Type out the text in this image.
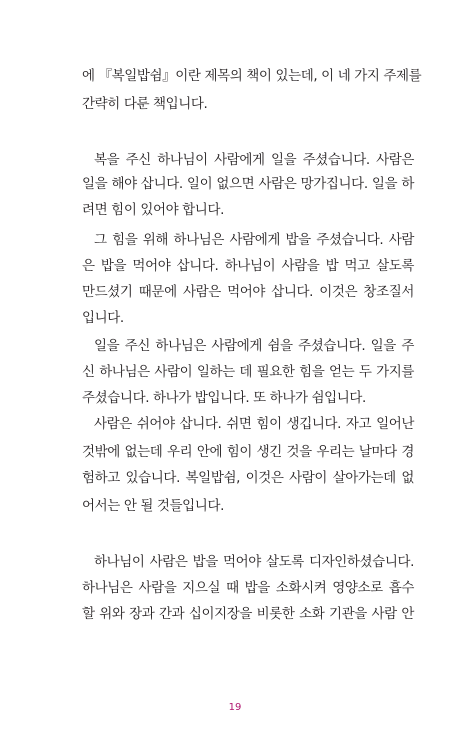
에 『복일밥쉼』이란 제목의 책이 있는데, 이 네 가지 주제를
간략히 다룬 책입니다.
복을 주신 하나님이 사람에게 일을 주셨습니다. 사람은
일을 해야 삽니다. 일이 없으면 사람은 망가집니다. 일을 하
려면 힘이 있어야 합니다.
그 힘을 위해 하나님은 사람에게 밥을 주셨습니다. 사람
은 밥을 먹어야 삽니다. 하나님이 사람을 밥 먹고 살도록
만드셨기 때문에 사람은 먹어야 삽니다. 이것은 창조질서
입니다.
일을 주신 하나님은 사람에게 쉼을 주셨습니다. 일을 주
신 하나님은 사람이 일하는 데 필요한 힘을 얻는 두 가지를
주셨습니다. 하나가 밥입니다. 또 하나가 쉼입니다.
사람은 쉬어야 삽니다. 쉬면 힘이 생깁니다. 자고 일어난
것밖에 없는데 우리 안에 힘이 생긴 것을 우리는 날마다 경
험하고 있습니다. 복일밥쉼, 이것은 사람이 살아가는데 없
어서는 안 될 것들입니다.
하나님이 사람은 밥을 먹어야 살도록 디자인하셨습니다.
하나님은 사람을 지으실 때 밥을 소화시켜 영양소로 흡수
할 위와 장과 간과 십이지장을 비롯한 소화 기관을 사람 안
19
